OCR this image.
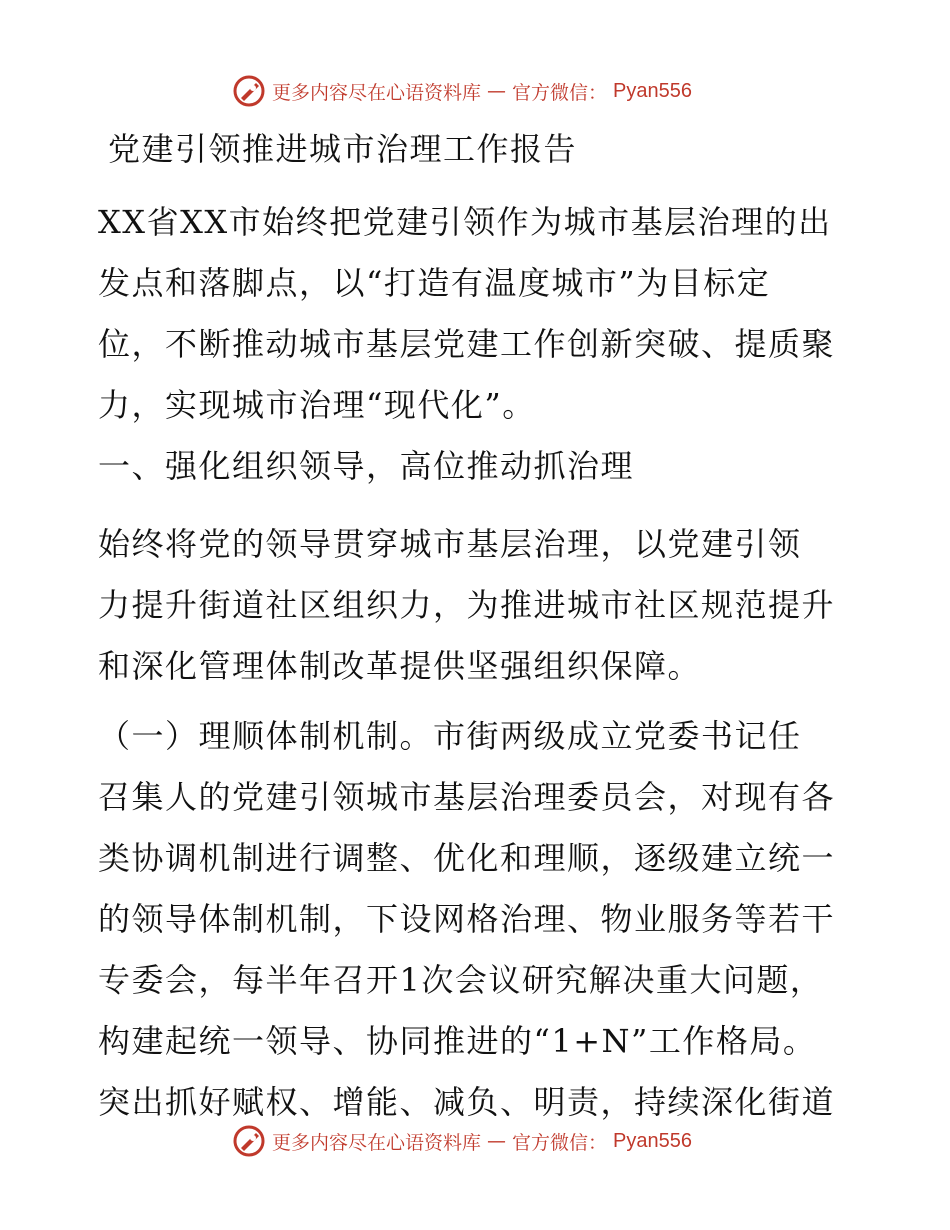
更多内容尽在心语资料库 — 官方微信： Pyan556
党建引领推进城市治理工作报告
XX省XX市始终把党建引领作为城市基层治理的出
发点和落脚点，以“打造有温度城市”为目标定
位，不断推动城市基层党建工作创新突破、提质聚
力，实现城市治理“现代化”。
一、强化组织领导，高位推动抓治理
始终将党的领导贯穿城市基层治理，以党建引领
力提升街道社区组织力，为推进城市社区规范提升
和深化管理体制改革提供坚强组织保障。
（一）理顺体制机制。市街两级成立党委书记任
召集人的党建引领城市基层治理委员会，对现有各
类协调机制进行调整、优化和理顺，逐级建立统一
的领导体制机制，下设网格治理、物业服务等若干
专委会，每半年召开1次会议研究解决重大问题，
构建起统一领导、协同推进的“1+N”工作格局。
突出抓好赋权、增能、减负、明责，持续深化街道
更多内容尽在心语资料库 — 官方微信： Pyan556
